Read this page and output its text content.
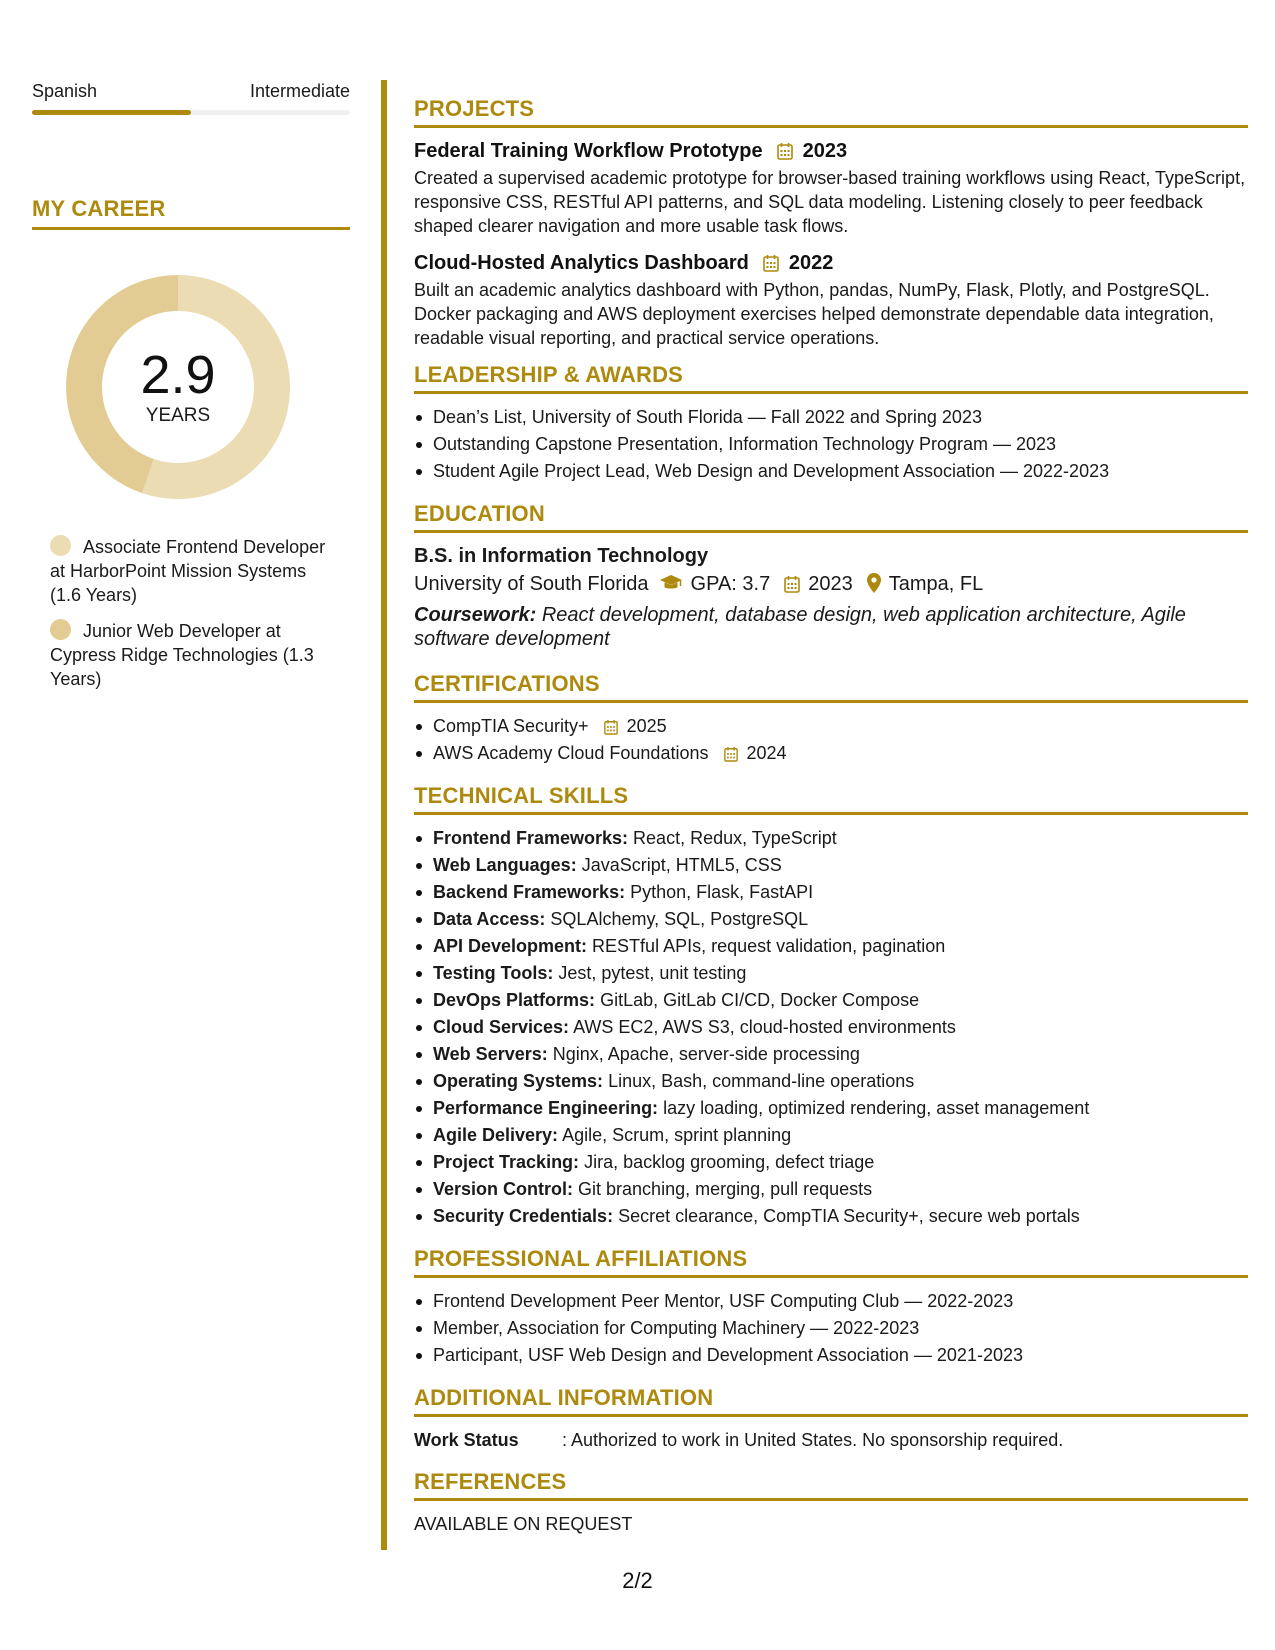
Spanish	Intermediate
MY CAREER
2.9
YEARS
Associate Frontend Developer at HarborPoint Mission Systems (1.6 Years)
Junior Web Developer at Cypress Ridge Technologies (1.3 Years)
PROJECTS
Federal Training Workflow Prototype 2023
Created a supervised academic prototype for browser-based training workflows using React, TypeScript, responsive CSS, RESTful API patterns, and SQL data modeling. Listening closely to peer feedback shaped clearer navigation and more usable task flows.
Cloud-Hosted Analytics Dashboard 2022
Built an academic analytics dashboard with Python, pandas, NumPy, Flask, Plotly, and PostgreSQL. Docker packaging and AWS deployment exercises helped demonstrate dependable data integration, readable visual reporting, and practical service operations.
LEADERSHIP & AWARDS
Dean’s List, University of South Florida — Fall 2022 and Spring 2023
Outstanding Capstone Presentation, Information Technology Program — 2023
Student Agile Project Lead, Web Design and Development Association — 2022-2023
EDUCATION
B.S. in Information Technology
University of South Florida GPA: 3.7 2023 Tampa, FL
Coursework: React development, database design, web application architecture, Agile software development
CERTIFICATIONS
CompTIA Security+ 2025
AWS Academy Cloud Foundations 2024
TECHNICAL SKILLS
Frontend Frameworks: React, Redux, TypeScript
Web Languages: JavaScript, HTML5, CSS
Backend Frameworks: Python, Flask, FastAPI
Data Access: SQLAlchemy, SQL, PostgreSQL
API Development: RESTful APIs, request validation, pagination
Testing Tools: Jest, pytest, unit testing
DevOps Platforms: GitLab, GitLab CI/CD, Docker Compose
Cloud Services: AWS EC2, AWS S3, cloud-hosted environments
Web Servers: Nginx, Apache, server-side processing
Operating Systems: Linux, Bash, command-line operations
Performance Engineering: lazy loading, optimized rendering, asset management
Agile Delivery: Agile, Scrum, sprint planning
Project Tracking: Jira, backlog grooming, defect triage
Version Control: Git branching, merging, pull requests
Security Credentials: Secret clearance, CompTIA Security+, secure web portals
PROFESSIONAL AFFILIATIONS
Frontend Development Peer Mentor, USF Computing Club — 2022-2023
Member, Association for Computing Machinery — 2022-2023
Participant, USF Web Design and Development Association — 2021-2023
ADDITIONAL INFORMATION
Work Status	: Authorized to work in United States. No sponsorship required.
REFERENCES
AVAILABLE ON REQUEST
2/2
